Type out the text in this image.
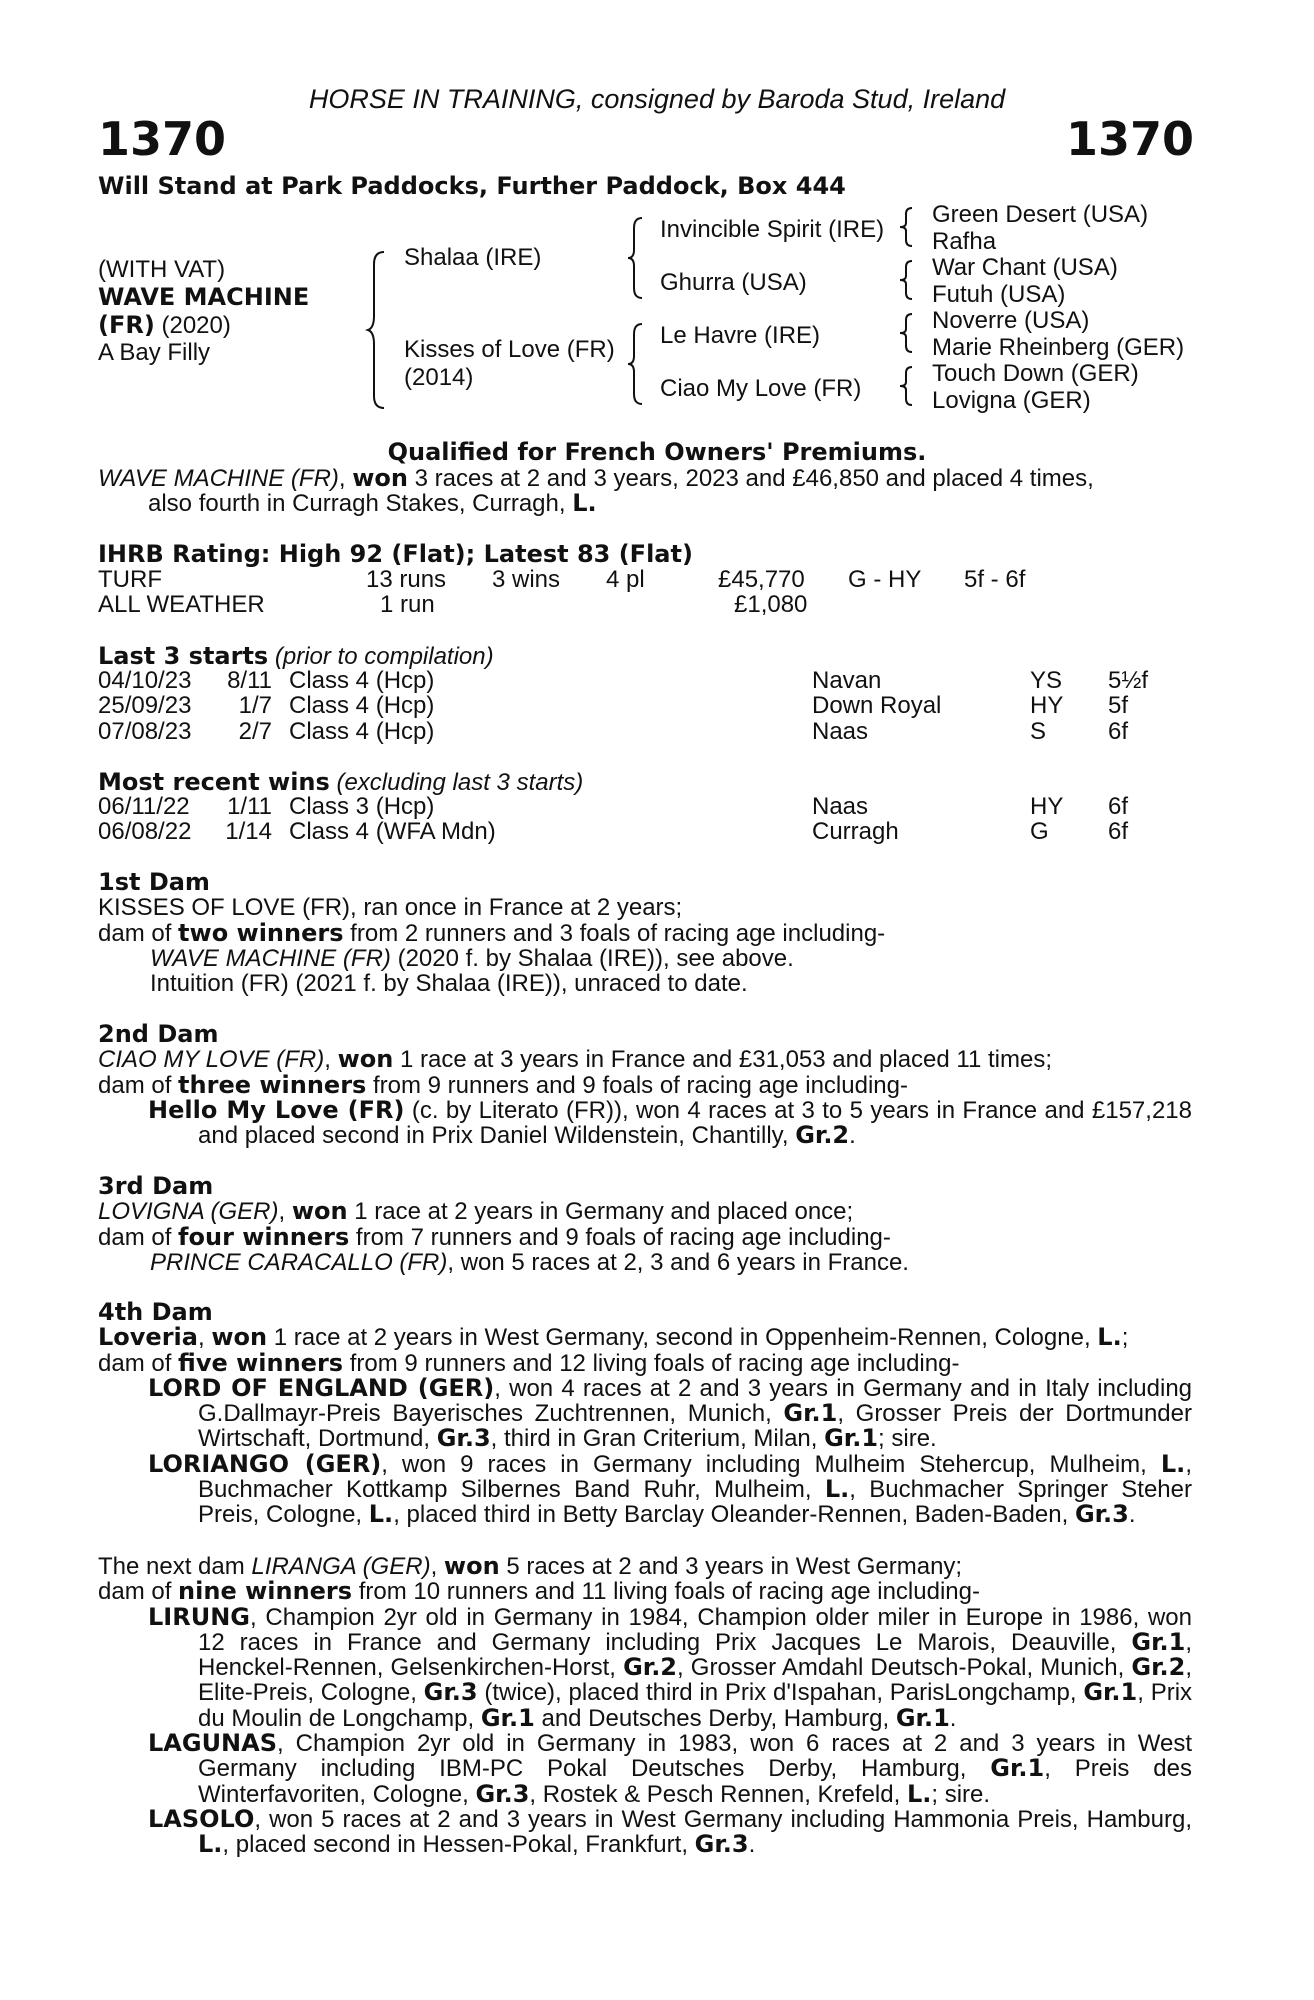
HORSE IN TRAINING, consigned by Baroda Stud, Ireland
1370	1370
Will Stand at Park Paddocks, Further Paddock, Box 444
(WITH VAT)
WAVE MACHINE
(FR) (2020)
A Bay Filly
Shalaa (IRE)
Kisses of Love (FR)
(2014)
Invincible Spirit (IRE)
Ghurra (USA)
Le Havre (IRE)
Ciao My Love (FR)
Green Desert (USA)
Rafha
War Chant (USA)
Futuh (USA)
Noverre (USA)
Marie Rheinberg (GER)
Touch Down (GER)
Lovigna (GER)
Qualified for French Owners' Premiums.

WAVE MACHINE (FR), won 3 races at 2 and 3 years, 2023 and £46,850 and placed 4 times,

also fourth in Curragh Stakes, Curragh, L.

IHRB Rating: High 92 (Flat); Latest 83 (Flat)
TURF	13 runs 3 wins 4 pl	£45,770 G - HY 5f - 6f
ALL WEATHER	1 run	£1,080
Last 3 starts (prior to compilation)
04/10/23	8/11 Class 4 (Hcp)	Navan	YS 5½f
25/09/23	1/7 Class 4 (Hcp)	Down Royal	HY 5f
07/08/23	2/7 Class 4 (Hcp)	Naas	S	6f
Most recent wins (excluding last 3 starts)
06/11/22	1/11 Class 3 (Hcp)	Naas	HY 6f
06/08/22	1/14 Class 4 (WFA Mdn)	Curragh	G 6f

1st Dam

KISSES OF LOVE (FR), ran once in France at 2 years;

dam of two winners from 2 runners and 3 foals of racing age including-

WAVE MACHINE (FR) (2020 f. by Shalaa (IRE)), see above.

Intuition (FR) (2021 f. by Shalaa (IRE)), unraced to date.

2nd Dam

CIAO MY LOVE (FR), won 1 race at 3 years in France and £31,053 and placed 11 times;

dam of three winners from 9 runners and 9 foals of racing age including-

Hello My Love (FR) (c. by Literato (FR)), won 4 races at 3 to 5 years in France and £157,218 and placed second in Prix Daniel Wildenstein, Chantilly, Gr.2.

3rd Dam

LOVIGNA (GER), won 1 race at 2 years in Germany and placed once;

dam of four winners from 7 runners and 9 foals of racing age including-

PRINCE CARACALLO (FR), won 5 races at 2, 3 and 6 years in France.

4th Dam

Loveria, won 1 race at 2 years in West Germany, second in Oppenheim-Rennen, Cologne, L.;

dam of five winners from 9 runners and 12 living foals of racing age including-

LORD OF ENGLAND (GER), won 4 races at 2 and 3 years in Germany and in Italy including G.Dallmayr-Preis Bayerisches Zuchtrennen, Munich, Gr.1, Grosser Preis der Dortmunder Wirtschaft, Dortmund, Gr.3, third in Gran Criterium, Milan, Gr.1; sire.

LORIANGO (GER), won 9 races in Germany including Mulheim Stehercup, Mulheim, L., Buchmacher Kottkamp Silbernes Band Ruhr, Mulheim, L., Buchmacher Springer Steher Preis, Cologne, L., placed third in Betty Barclay Oleander-Rennen, Baden-Baden, Gr.3.

The next dam LIRANGA (GER), won 5 races at 2 and 3 years in West Germany;

dam of nine winners from 10 runners and 11 living foals of racing age including-

LIRUNG, Champion 2yr old in Germany in 1984, Champion older miler in Europe in 1986, won 12 races in France and Germany including Prix Jacques Le Marois, Deauville, Gr.1, Henckel-Rennen, Gelsenkirchen-Horst, Gr.2, Grosser Amdahl Deutsch-Pokal, Munich, Gr.2, Elite-Preis, Cologne, Gr.3 (twice), placed third in Prix d'Ispahan, ParisLongchamp, Gr.1, Prix du Moulin de Longchamp, Gr.1 and Deutsches Derby, Hamburg, Gr.1.

LAGUNAS, Champion 2yr old in Germany in 1983, won 6 races at 2 and 3 years in West Germany including IBM-PC Pokal Deutsches Derby, Hamburg, Gr.1, Preis des Winterfavoriten, Cologne, Gr.3, Rostek & Pesch Rennen, Krefeld, L.; sire.

LASOLO, won 5 races at 2 and 3 years in West Germany including Hammonia Preis, Hamburg, L., placed second in Hessen-Pokal, Frankfurt, Gr.3.
